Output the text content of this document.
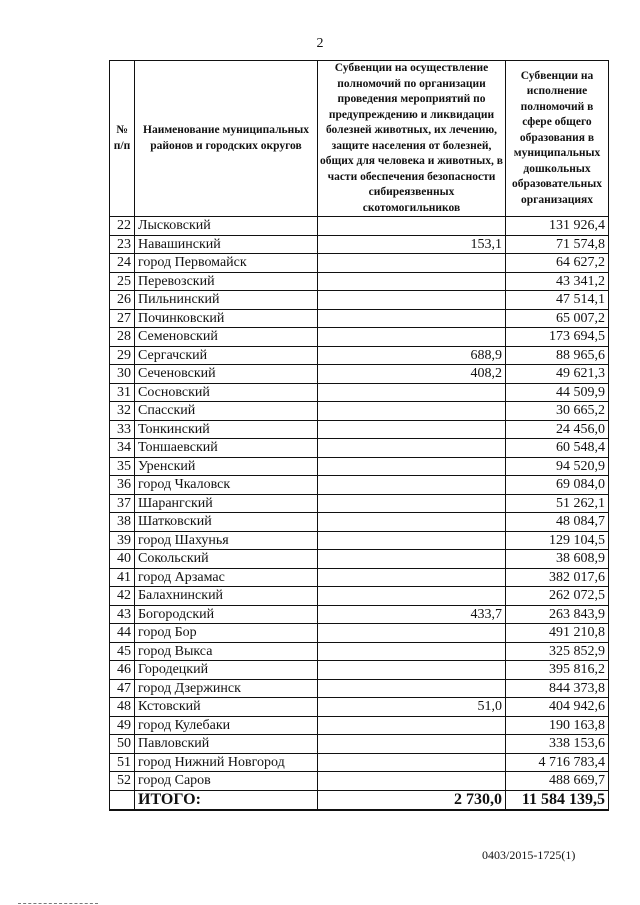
2
№ п/п	Наименование муниципальных районов и городских округов	Субвенции на осуществление полномочий по организации проведения мероприятий по предупреждению и ликвидации болезней животных, их лечению, защите населения от болезней, общих для человека и животных, в части обеспечения безопасности сибиреязвенных скотомогильников	Субвенции на исполнение полномочий в сфере общего образования в муниципальных дошкольных образовательных организациях
22	Лысковский		131 926,4
23	Навашинский	153,1	71 574,8
24	город Первомайск		64 627,2
25	Перевозский		43 341,2
26	Пильнинский		47 514,1
27	Починковский		65 007,2
28	Семеновский		173 694,5
29	Сергачский	688,9	88 965,6
30	Сеченовский	408,2	49 621,3
31	Сосновский		44 509,9
32	Спасский		30 665,2
33	Тонкинский		24 456,0
34	Тоншаевский		60 548,4
35	Уренский		94 520,9
36	город Чкаловск		69 084,0
37	Шарангский		51 262,1
38	Шатковский		48 084,7
39	город Шахунья		129 104,5
40	Сокольский		38 608,9
41	город Арзамас		382 017,6
42	Балахнинский		262 072,5
43	Богородский	433,7	263 843,9
44	город Бор		491 210,8
45	город Выкса		325 852,9
46	Городецкий		395 816,2
47	город Дзержинск		844 373,8
48	Кстовский	51,0	404 942,6
49	город Кулебаки		190 163,8
50	Павловский		338 153,6
51	город Нижний Новгород		4 716 783,4
52	город Саров		488 669,7
	ИТОГО:	2 730,0	11 584 139,5
0403/2015-1725(1)
